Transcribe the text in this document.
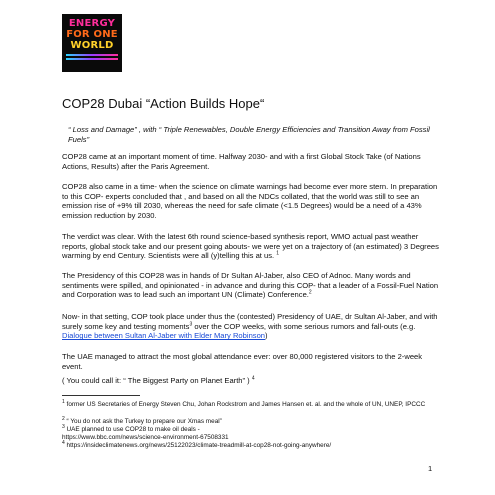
ENERGY
FOR ONE
WORLD
COP28 Dubai “Action Builds Hope“

“ Loss and Damage” , with “ Triple Renewables, Double Energy Efficiencies and Transition Away from Fossil Fuels”

COP28 came at an important moment of time. Halfway 2030- and with a first Global Stock Take (of Nations Actions, Results) after the Paris Agreement.

COP28 also came in a time- when the science on climate warnings had become ever more stern. In preparation to this COP- experts concluded that , and based on all the NDCs collated, that the world was still to see an emission rise of +9% till 2030, whereas the need for safe climate (<1.5 Degrees) would be a need of a 43% emission reduction by 2030.

The verdict was clear. With the latest 6th round science-based synthesis report, WMO actual past weather reports, global stock take and our present going abouts- we were yet on a trajectory of (an estimated) 3 Degrees warming by end Century. Scientists were all (y)telling this at us. $^1$

The Presidency of this COP28 was in hands of Dr Sultan Al-Jaber, also CEO of Adnoc. Many words and sentiments were spilled, and opinionated - in advance and during this COP- that a leader of a Fossil-Fuel Nation and Corporation was to lead such an important UN (Climate) Conference.$^2$

Now- in that setting, COP took place under thus the (contested) Presidency of UAE, dr Sultan Al-Jaber, and with surely some key and testing moments$^3$ over the COP weeks, with some serious rumors and fall-outs (e.g. Dialogue between Sultan Al-Jaber with Elder Mary Robinson)

The UAE managed to attract the most global attendance ever: over 80,000 registered visitors to the 2-week event.

( You could call it: “ The Biggest Party on Planet Earth” ) $^4$

$^1$ former US Secretaries of Energy Steven Chu, Johan Rockstrom and James Hansen et. al. and the whole of UN, UNEP, IPCCC

$^2$ “ You do not ask the Turkey to prepare our Xmas meal”

$^3$ UAE planned to use COP28 to make oil deals -
https://www.bbc.com/news/science-environment-67508331

$^4$ https://insideclimatenews.org/news/25122023/climate-treadmill-at-cop28-not-going-anywhere/

1
